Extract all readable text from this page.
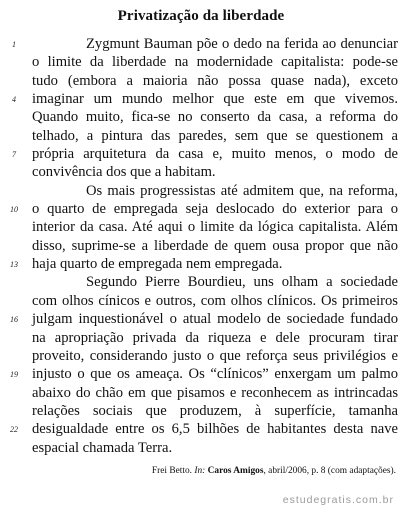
Privatização da liberdade
1	Zygmunt Bauman põe o dedo na ferida ao denunciar
o limite da liberdade na modernidade capitalista: pode-se
tudo (embora a maioria não possa quase nada), exceto
4 imaginar um mundo melhor que este em que vivemos.
Quando muito, fica-se no conserto da casa, a reforma do
telhado, a pintura das paredes, sem que se questionem a
7 própria arquitetura da casa e, muito menos, o modo de
convivência dos que a habitam.
Os mais progressistas até admitem que, na reforma,
10 o quarto de empregada seja deslocado do exterior para o
interior da casa. Até aqui o limite da lógica capitalista. Além
disso, suprime-se a liberdade de quem ousa propor que não
13 haja quarto de empregada nem empregada.
Segundo Pierre Bourdieu, uns olham a sociedade
com olhos cínicos e outros, com olhos clínicos. Os primeiros
16 julgam inquestionável o atual modelo de sociedade fundado
na apropriação privada da riqueza e dele procuram tirar
proveito, considerando justo o que reforça seus privilégios e
19 injusto o que os ameaça. Os “clínicos” enxergam um palmo
abaixo do chão em que pisamos e reconhecem as intrincadas
relações sociais que produzem, à superfície, tamanha
22 desigualdade entre os 6,5 bilhões de habitantes desta nave
espacial chamada Terra.
Frei Betto. In: Caros Amigos, abril/2006, p. 8 (com adaptações).
estudegratis.com.br
